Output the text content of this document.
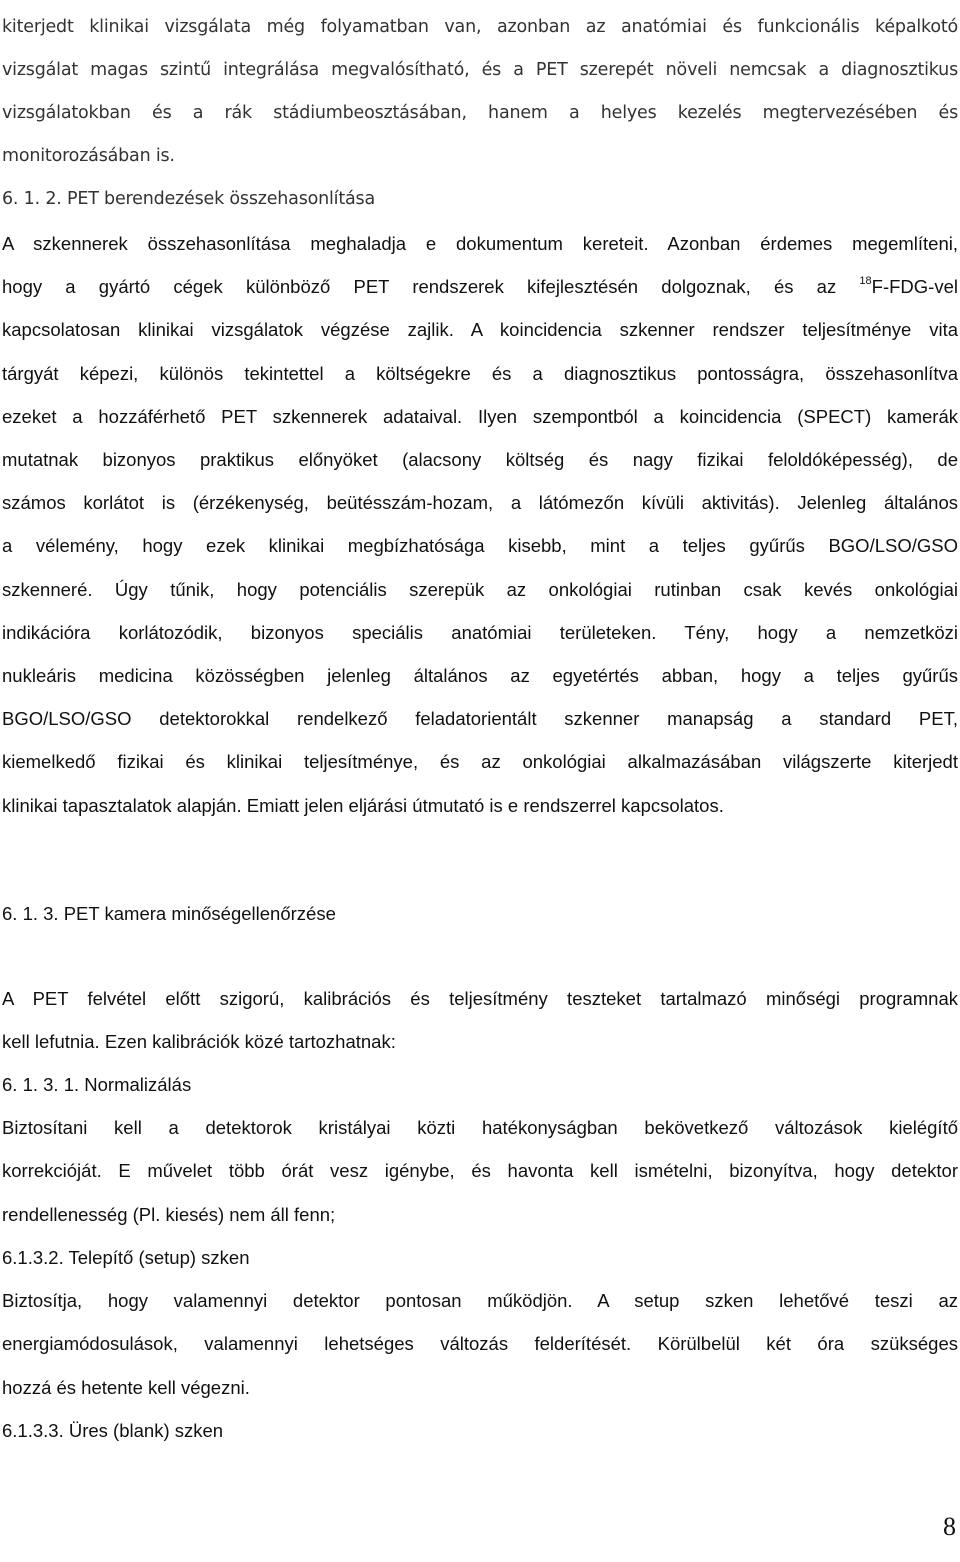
kiterjedt klinikai vizsgálata még folyamatban van, azonban az anatómiai és funkcionális képalkotó
vizsgálat magas szintű integrálása megvalósítható, és a PET szerepét növeli nemcsak a diagnosztikus
vizsgálatokban és a rák stádiumbeosztásában, hanem a helyes kezelés megtervezésében és
monitorozásában is.
6. 1. 2. PET berendezések összehasonlítása
A szkennerek összehasonlítása meghaladja e dokumentum kereteit. Azonban érdemes megemlíteni,
hogy a gyártó cégek különböző PET rendszerek kifejlesztésén dolgoznak, és az $^{18}$F-FDG-vel
kapcsolatosan klinikai vizsgálatok végzése zajlik. A koincidencia szkenner rendszer teljesítménye vita
tárgyát képezi, különös tekintettel a költségekre és a diagnosztikus pontosságra, összehasonlítva
ezeket a hozzáférhető PET szkennerek adataival. Ilyen szempontból a koincidencia (SPECT) kamerák
mutatnak bizonyos praktikus előnyöket (alacsony költség és nagy fizikai feloldóképesség), de
számos korlátot is (érzékenység, beütésszám-hozam, a látómezőn kívüli aktivitás). Jelenleg általános
a vélemény, hogy ezek klinikai megbízhatósága kisebb, mint a teljes gyűrűs BGO/LSO/GSO
szkenneré. Úgy tűnik, hogy potenciális szerepük az onkológiai rutinban csak kevés onkológiai
indikációra korlátozódik, bizonyos speciális anatómiai területeken. Tény, hogy a nemzetközi
nukleáris medicina közösségben jelenleg általános az egyetértés abban, hogy a teljes gyűrűs
BGO/LSO/GSO detektorokkal rendelkező feladatorientált szkenner manapság a standard PET,
kiemelkedő fizikai és klinikai teljesítménye, és az onkológiai alkalmazásában világszerte kiterjedt
klinikai tapasztalatok alapján. Emiatt jelen eljárási útmutató is e rendszerrel kapcsolatos.
6. 1. 3. PET kamera minőségellenőrzése
A PET felvétel előtt szigorú, kalibrációs és teljesítmény teszteket tartalmazó minőségi programnak
kell lefutnia. Ezen kalibrációk közé tartozhatnak:
6. 1. 3. 1. Normalizálás
Biztosítani kell a detektorok kristályai közti hatékonyságban bekövetkező változások kielégítő
korrekcióját. E művelet több órát vesz igénybe, és havonta kell ismételni, bizonyítva, hogy detektor
rendellenesség (Pl. kiesés) nem áll fenn;
6.1.3.2. Telepítő (setup) szken
Biztosítja, hogy valamennyi detektor pontosan működjön. A setup szken lehetővé teszi az
energiamódosulások, valamennyi lehetséges változás felderítését. Körülbelül két óra szükséges
hozzá és hetente kell végezni.
6.1.3.3. Üres (blank) szken
8
